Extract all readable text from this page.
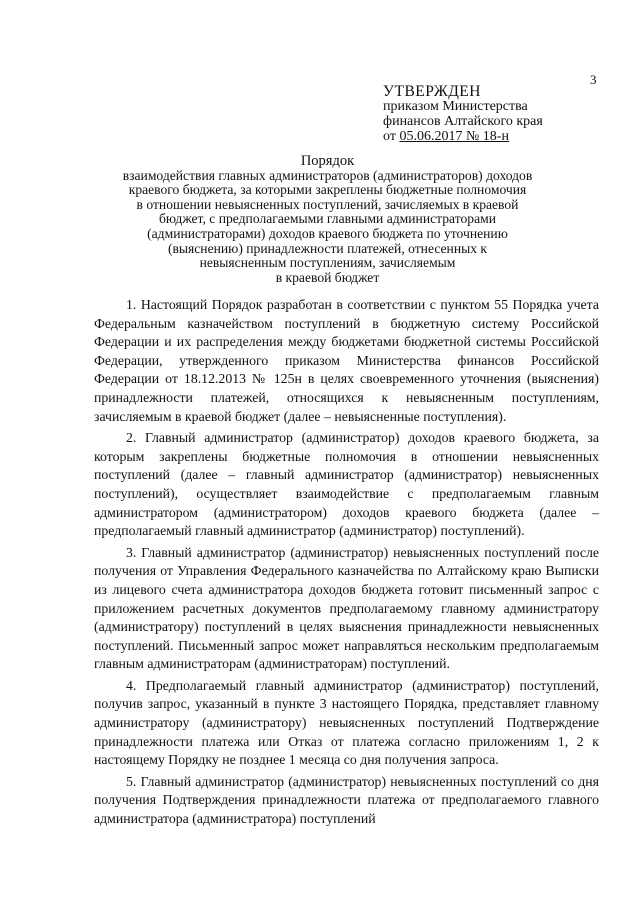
3
УТВЕРЖДЕН
приказом Министерства
финансов Алтайского края
от 05.06.2017 № 18-н
Порядок
взаимодействия главных администраторов (администраторов) доходов
краевого бюджета, за которыми закреплены бюджетные полномочия
в отношении невыясненных поступлений, зачисляемых в краевой
бюджет, с предполагаемыми главными администраторами
(администраторами) доходов краевого бюджета по уточнению
(выяснению) принадлежности платежей, отнесенных к
невыясненным поступлениям, зачисляемым
в краевой бюджет

1. Настоящий Порядок разработан в соответствии с пунктом 55 Порядка учета Федеральным казначейством поступлений в бюджетную систему Российской Федерации и их распределения между бюджетами бюджетной системы Российской Федерации, утвержденного приказом Министерства финансов Российской Федерации от 18.12.2013 № 125н в целях своевременного уточнения (выяснения) принадлежности платежей, относящихся к невыясненным поступлениям, зачисляемым в краевой бюджет (далее – невыясненные поступления).

2. Главный администратор (администратор) доходов краевого бюджета, за которым закреплены бюджетные полномочия в отношении невыясненных поступлений (далее – главный администратор (администратор) невыясненных поступлений), осуществляет взаимодействие с предполагаемым главным администратором (администратором) доходов краевого бюджета (далее – предполагаемый главный администратор (администратор) поступлений).

3. Главный администратор (администратор) невыясненных поступлений после получения от Управления Федерального казначейства по Алтайскому краю Выписки из лицевого счета администратора доходов бюджета готовит письменный запрос с приложением расчетных документов предполагаемому главному администратору (администратору) поступлений в целях выяснения принадлежности невыясненных поступлений. Письменный запрос может направляться нескольким предполагаемым главным администраторам (администраторам) поступлений.

4. Предполагаемый главный администратор (администратор) поступлений, получив запрос, указанный в пункте 3 настоящего Порядка, представляет главному администратору (администратору) невыясненных поступлений Подтверждение принадлежности платежа или Отказ от платежа согласно приложениям 1, 2 к настоящему Порядку не позднее 1 месяца со дня получения запроса.

5. Главный администратор (администратор) невыясненных поступлений со дня получения Подтверждения принадлежности платежа от предполагаемого главного администратора (администратора) поступлений
